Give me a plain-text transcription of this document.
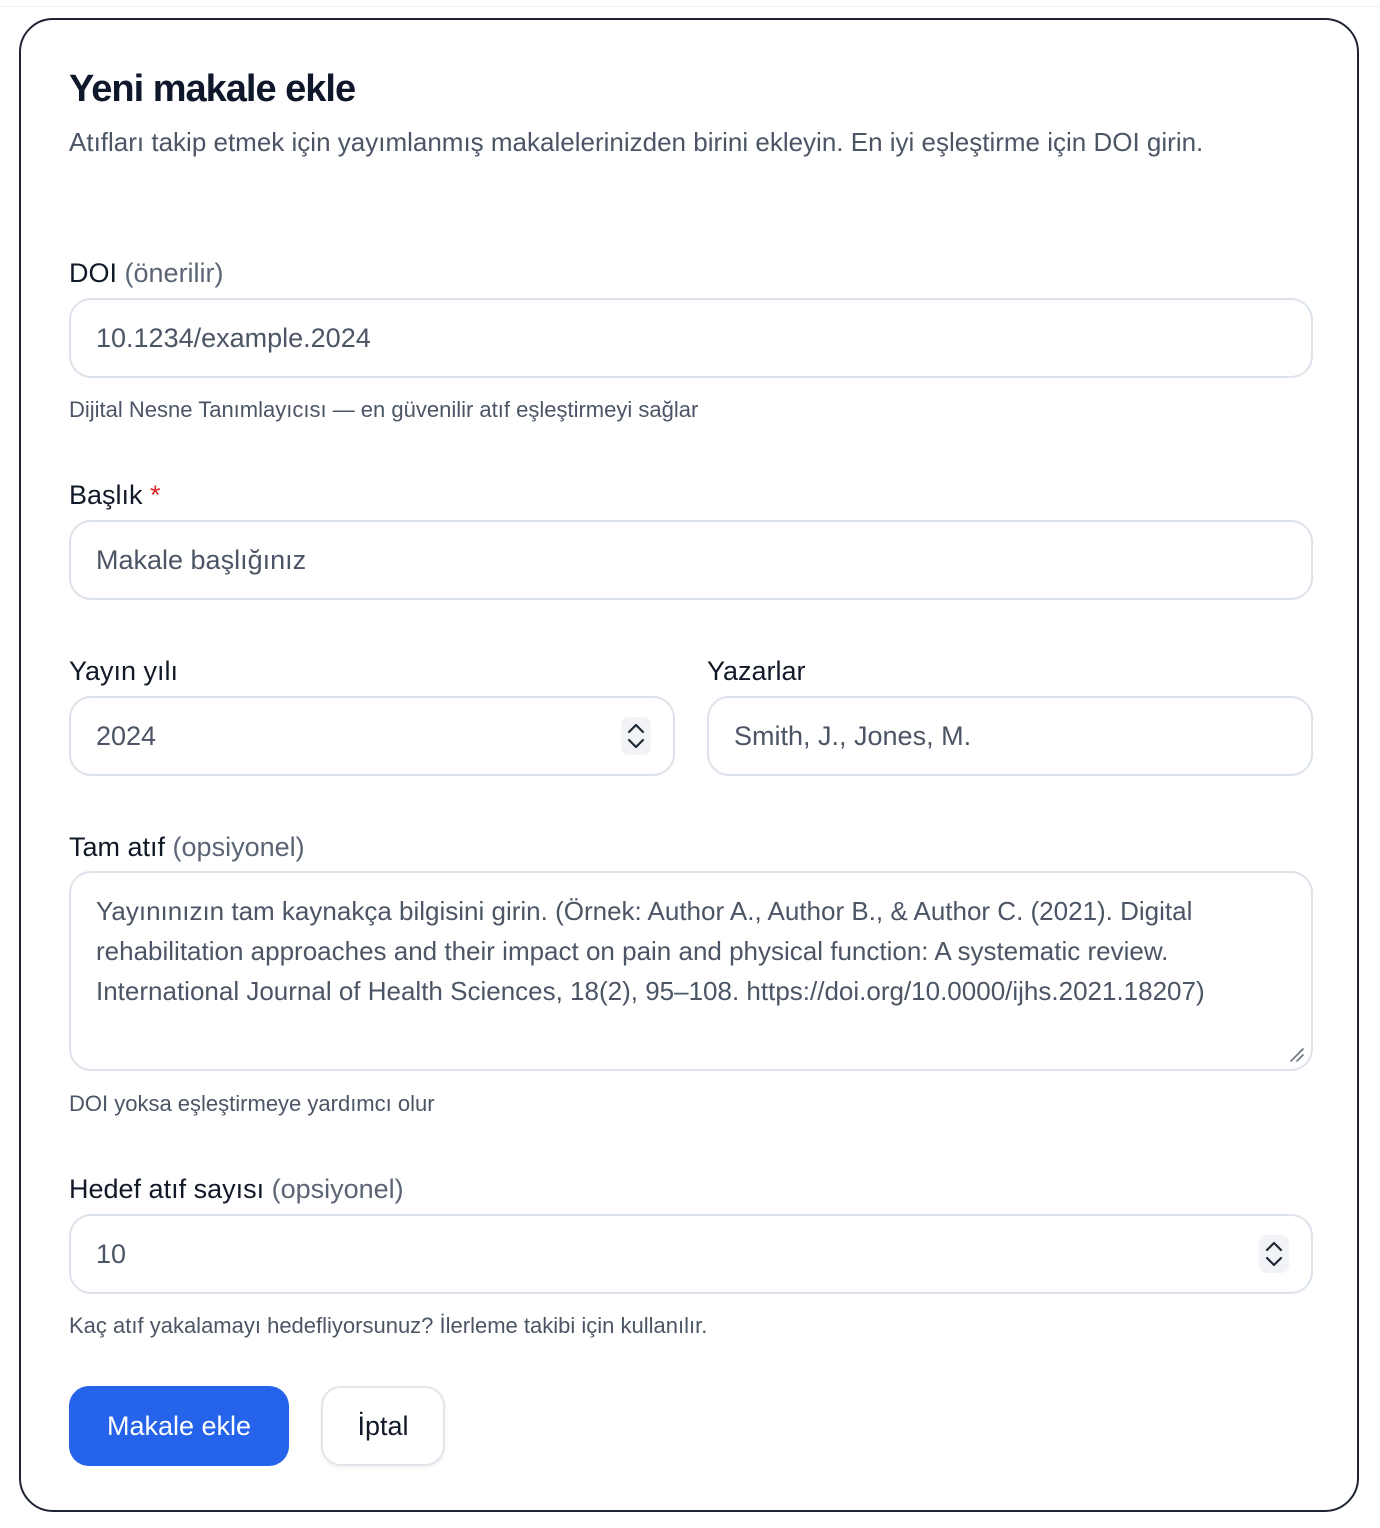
Yeni makale ekle

Atıfları takip etmek için yayımlanmış makalelerinizden birini ekleyin. En iyi eşleştirme için DOI girin.

DOI (önerilir)
10.1234/example.2024
Dijital Nesne Tanımlayıcısı — en güvenilir atıf eşleştirmeyi sağlar
Başlık *
Makale başlığınız
Yayın yılı
2024
Yazarlar
Smith, J., Jones, M.
Tam atıf (opsiyonel)
Yayınınızın tam kaynakça bilgisini girin. (Örnek: Author A., Author B., & Author C. (2021). Digital rehabilitation approaches and their impact on pain and physical function: A systematic review. International Journal of Health Sciences, 18(2), 95–108. https://doi.org/10.0000/ijhs.2021.18207)
DOI yoksa eşleştirmeye yardımcı olur
Hedef atıf sayısı (opsiyonel)
10
Kaç atıf yakalamayı hedefliyorsunuz? İlerleme takibi için kullanılır.
Makale ekle	İptal
